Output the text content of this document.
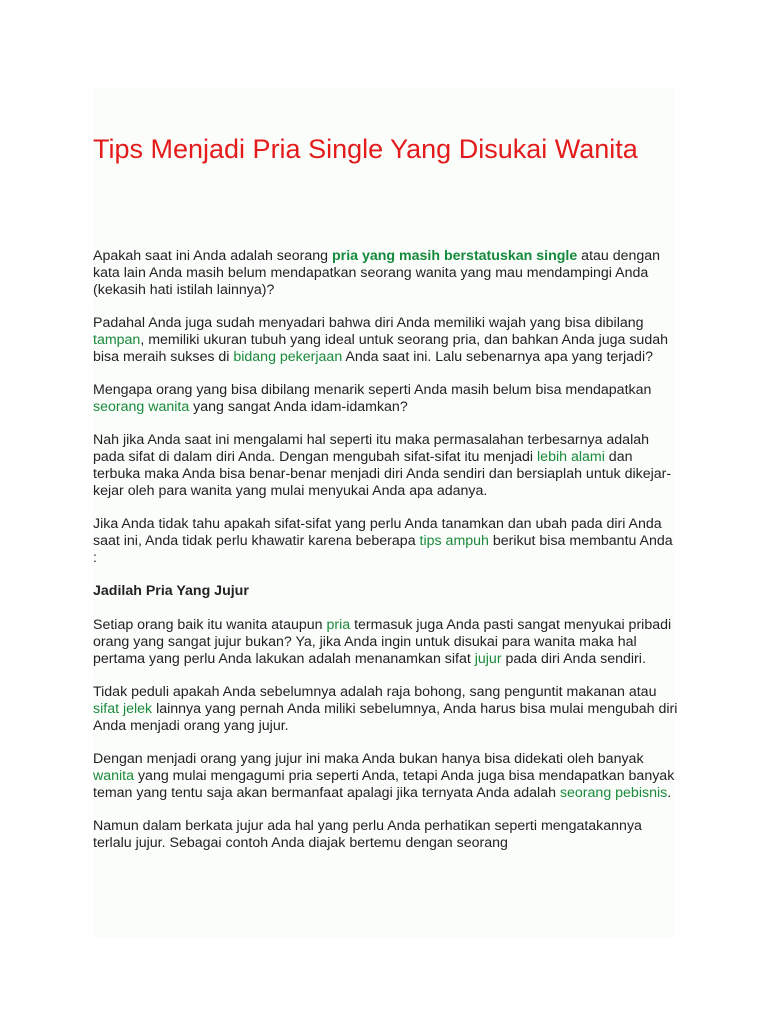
Tips Menjadi Pria Single Yang Disukai Wanita

Apakah saat ini Anda adalah seorang pria yang masih berstatuskan single atau dengan kata lain Anda masih belum mendapatkan seorang wanita yang mau mendampingi Anda (kekasih hati istilah lainnya)?

Padahal Anda juga sudah menyadari bahwa diri Anda memiliki wajah yang bisa dibilang tampan, memiliki ukuran tubuh yang ideal untuk seorang pria, dan bahkan Anda juga sudah bisa meraih sukses di bidang pekerjaan Anda saat ini. Lalu sebenarnya apa yang terjadi?

Mengapa orang yang bisa dibilang menarik seperti Anda masih belum bisa mendapatkan seorang wanita yang sangat Anda idam-idamkan?

Nah jika Anda saat ini mengalami hal seperti itu maka permasalahan terbesarnya adalah pada sifat di dalam diri Anda. Dengan mengubah sifat-sifat itu menjadi lebih alami dan terbuka maka Anda bisa benar-benar menjadi diri Anda sendiri dan bersiaplah untuk dikejar-kejar oleh para wanita yang mulai menyukai Anda apa adanya.

Jika Anda tidak tahu apakah sifat-sifat yang perlu Anda tanamkan dan ubah pada diri Anda saat ini, Anda tidak perlu khawatir karena beberapa tips ampuh berikut bisa membantu Anda :

Jadilah Pria Yang Jujur

Setiap orang baik itu wanita ataupun pria termasuk juga Anda pasti sangat menyukai pribadi orang yang sangat jujur bukan? Ya, jika Anda ingin untuk disukai para wanita maka hal pertama yang perlu Anda lakukan adalah menanamkan sifat jujur pada diri Anda sendiri.

Tidak peduli apakah Anda sebelumnya adalah raja bohong, sang penguntit makanan atau sifat jelek lainnya yang pernah Anda miliki sebelumnya, Anda harus bisa mulai mengubah diri Anda menjadi orang yang jujur.

Dengan menjadi orang yang jujur ini maka Anda bukan hanya bisa didekati oleh banyak wanita yang mulai mengagumi pria seperti Anda, tetapi Anda juga bisa mendapatkan banyak teman yang tentu saja akan bermanfaat apalagi jika ternyata Anda adalah seorang pebisnis.

Namun dalam berkata jujur ada hal yang perlu Anda perhatikan seperti mengatakannya terlalu jujur. Sebagai contoh Anda diajak bertemu dengan seorang
